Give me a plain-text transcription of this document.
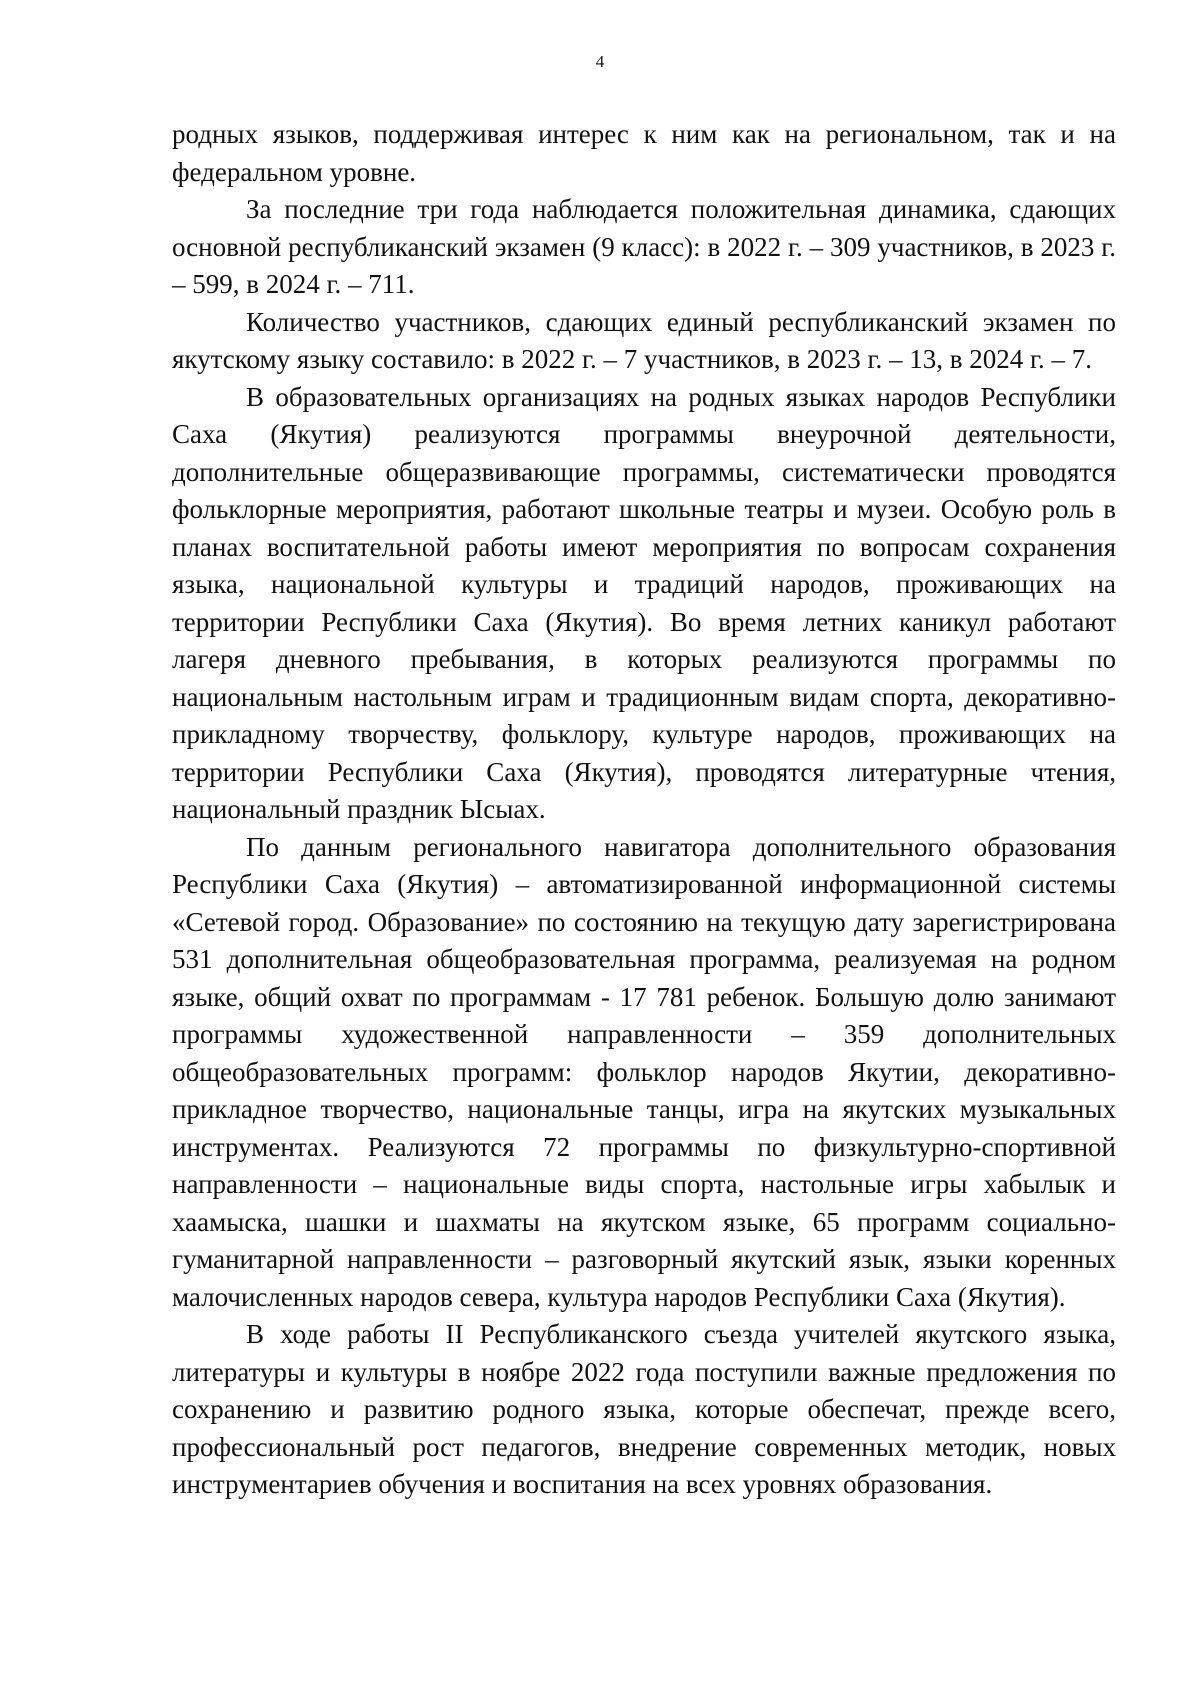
4

родных языков, поддерживая интерес к ним как на региональном, так и на федеральном уровне.

За последние три года наблюдается положительная динамика, сдающих основной республиканский экзамен (9 класс): в 2022 г. – 309 участников, в 2023 г. – 599, в 2024 г. – 711.

Количество участников, сдающих единый республиканский экзамен по якутскому языку составило: в 2022 г. – 7 участников, в 2023 г. – 13, в 2024 г. – 7.

В образовательных организациях на родных языках народов Республики Саха (Якутия) реализуются программы внеурочной деятельности, дополнительные общеразвивающие программы, систематически проводятся фольклорные мероприятия, работают школьные театры и музеи. Особую роль в планах воспитательной работы имеют мероприятия по вопросам сохранения языка, национальной культуры и традиций народов, проживающих на территории Республики Саха (Якутия). Во время летних каникул работают лагеря дневного пребывания, в которых реализуются программы по национальным настольным играм и традиционным видам спорта, декоративно-прикладному творчеству, фольклору, культуре народов, проживающих на территории Республики Саха (Якутия), проводятся литературные чтения, национальный праздник Ысыах.

По данным регионального навигатора дополнительного образования Республики Саха (Якутия) – автоматизированной информационной системы «Сетевой город. Образование» по состоянию на текущую дату зарегистрирована 531 дополнительная общеобразовательная программа, реализуемая на родном языке, общий охват по программам - 17 781 ребенок. Большую долю занимают программы художественной направленности – 359 дополнительных общеобразовательных программ: фольклор народов Якутии, декоративно-прикладное творчество, национальные танцы, игра на якутских музыкальных инструментах. Реализуются 72 программы по физкультурно-спортивной направленности – национальные виды спорта, настольные игры хабылык и хаамыска, шашки и шахматы на якутском языке, 65 программ социально-гуманитарной направленности – разговорный якутский язык, языки коренных малочисленных народов севера, культура народов Республики Саха (Якутия).

В ходе работы II Республиканского съезда учителей якутского языка, литературы и культуры в ноябре 2022 года поступили важные предложения по сохранению и развитию родного языка, которые обеспечат, прежде всего, профессиональный рост педагогов, внедрение современных методик, новых инструментариев обучения и воспитания на всех уровнях образования.
